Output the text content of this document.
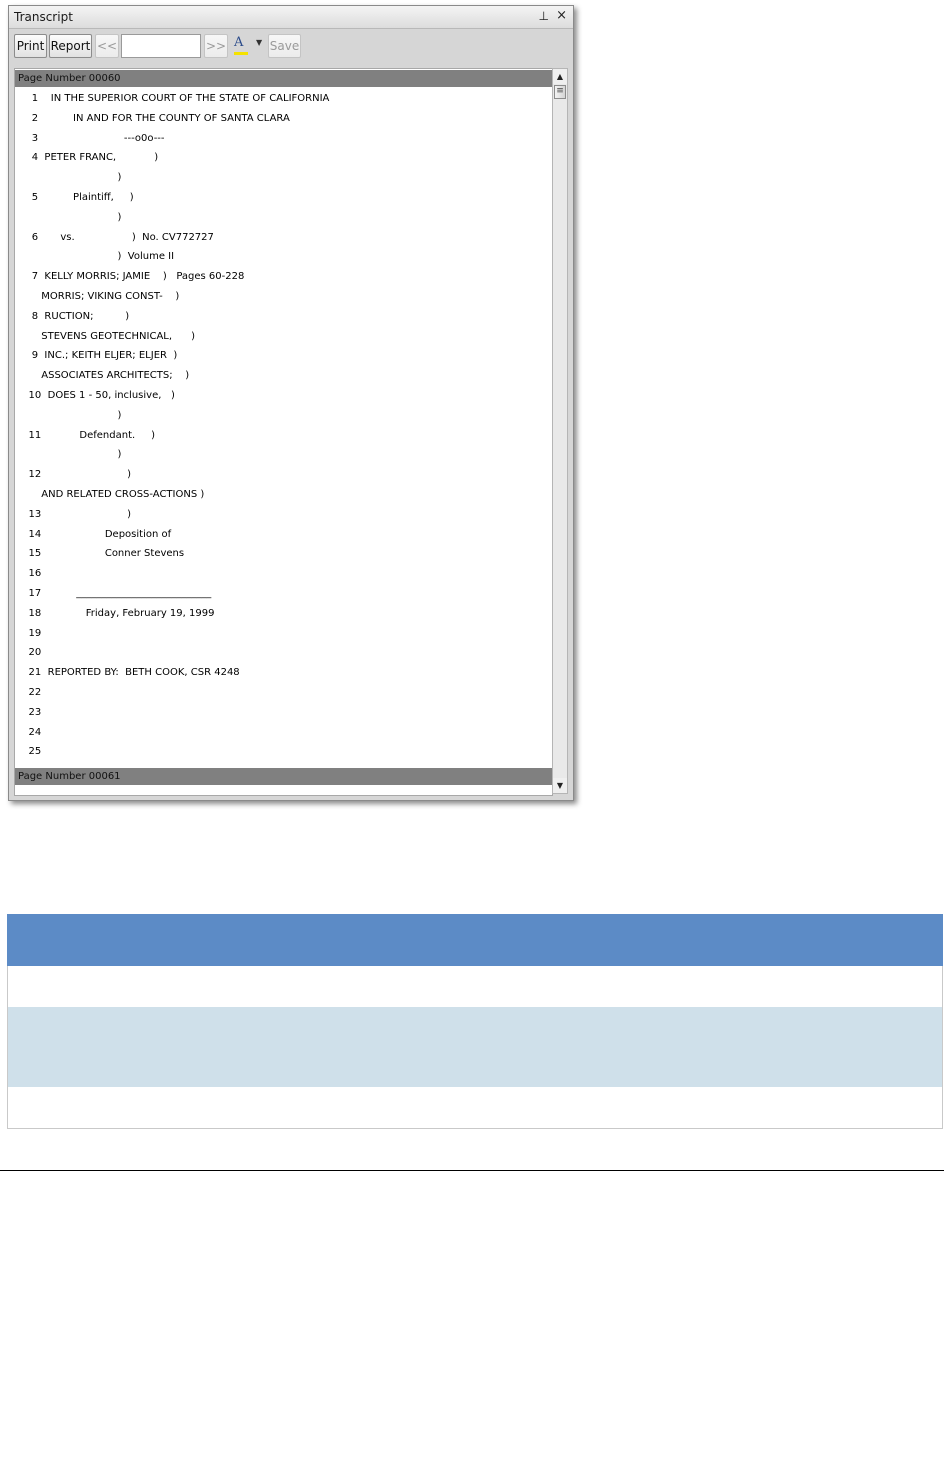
Transcript	⊥ ×
Print Report <<	>> A ▼ Save
Page Number 00060
1    IN THE SUPERIOR COURT OF THE STATE OF CALIFORNIA
2           IN AND FOR THE COUNTY OF SANTA CLARA
3                           ---o0o---
4  PETER FRANC,            )
)
5           Plaintiff,     )
)
6       vs.                  )  No. CV772727
)  Volume II
7  KELLY MORRIS; JAMIE    )   Pages 60-228
MORRIS; VIKING CONST-    )
8  RUCTION;          )
STEVENS GEOTECHNICAL,      )
9  INC.; KEITH ELJER; ELJER  )
ASSOCIATES ARCHITECTS;    )
10  DOES 1 - 50, inclusive,   )
)
11            Defendant.     )
)
12                           )
AND RELATED CROSS-ACTIONS )
13                           )
14                    Deposition of
15                    Conner Stevens
16
17           ___________________________
18              Friday, February 19, 1999
19
20
21  REPORTED BY:  BETH COOK, CSR 4248
22
23
24
25
Page Number 00061
▲
≡
▼
